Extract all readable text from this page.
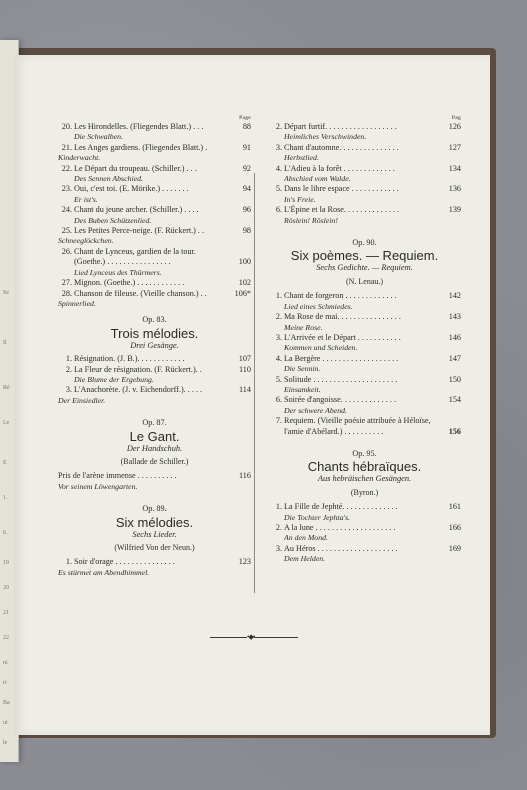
Se
Il
Ré
Le
E
1.
6.
19
20
21
22
ni
ri
Ba
ui
le
Page
20. Les Hirondelles. (Fliegendes Blatt.) . . .	88
Die Schwalben.
21. Les Anges gardiens. (Fliegendes Blatt.) .	91
Kinderwacht.
22. Le Départ du troupeau. (Schiller.) . . .	92
Des Sennen Abschied.
23. Oui, c'est toi. (E. Mörike.) . . . . . . .	94
Er ist's.
24. Chant du jeune archer. (Schiller.) . . . .	96
Des Buben Schützenlied.
25. Les Petites Perce-neige. (F. Rückert.) . .	98
Schneeglöckchen.
26. Chant de Lynceus, gardien de la tour.
(Goethe.) . . . . . . . . . . . . . . . .	100
Lied Lynceus des Thürmers.
27. Mignon. (Goethe.) . . . . . . . . . . . .	102
28. Chanson de fileuse. (Vieille chanson.) . .	106*
Spinnerlied.
Op. 83.
Trois mélodies.
Drei Gesänge.
1. Résignation. (J. B.). . . . . . . . . . . .	107
2. La Fleur de résignation. (F. Rückert.). .	110
Die Blume der Ergebung.
3. L'Anachorète. (J. v. Eichendorff.). . . . .	114
Der Einsiedler.
Op. 87.
Le Gant.
Der Handschuh.
(Ballade de Schiller.)
Pris de l'arène immense . . . . . . . . . .	116
Vor seinem Löwengarten.
Op. 89.
Six mélodies.
Sechs Lieder.
(Wilfried Von der Neun.)
1. Soir d'orage . . . . . . . . . . . . . . .	123
Es stürmet am Abendhimmel.
Pag
2. Départ furtif. . . . . . . . . . . . . . . . . .	126
Heimliches Verschwinden.
3. Chant d'automne. . . . . . . . . . . . . . .	127
Herbstlied.
4. L'Adieu à la forêt . . . . . . . . . . . . .	134
Abschied vom Walde.
5. Dans le libre espace . . . . . . . . . . . .	136
In's Freie.
6. L'Épine et la Rose. . . . . . . . . . . . . .	139
Röslein! Röslein!
Op. 90.
Six poèmes. — Requiem.
Sechs Gedichte. — Requiem.
(N. Lenau.)
1. Chant de forgeron . . . . . . . . . . . . .	142
Lied eines Schmiedes.
2. Ma Rose de mai. . . . . . . . . . . . . . . .	143
Meine Rose.
3. L'Arrivée et le Départ . . . . . . . . . . .	146
Kommen und Scheiden.
4. La Bergère . . . . . . . . . . . . . . . . . . .	147
Die Sennin.
5. Solitude . . . . . . . . . . . . . . . . . . . . .	150
Einsamkeit.
6. Soirée d'angoisse. . . . . . . . . . . . . .	154
Der schwere Abend.
7. Requiem. (Vieille poésie attribuée à Héloïse,
l'amie d'Abélard.) . . . . . . . . . .	156
Op. 95.
Chants hébraïques.
Aus hebräischen Gesängen.
(Byron.)
1. La Fille de Jephté. . . . . . . . . . . . . .	161
Die Tochter Jephta's.
2. A la lune . . . . . . . . . . . . . . . . . . . .	166
An den Mond.
3. Au Héros . . . . . . . . . . . . . . . . . . . .	169
Dem Helden.
•◆•
